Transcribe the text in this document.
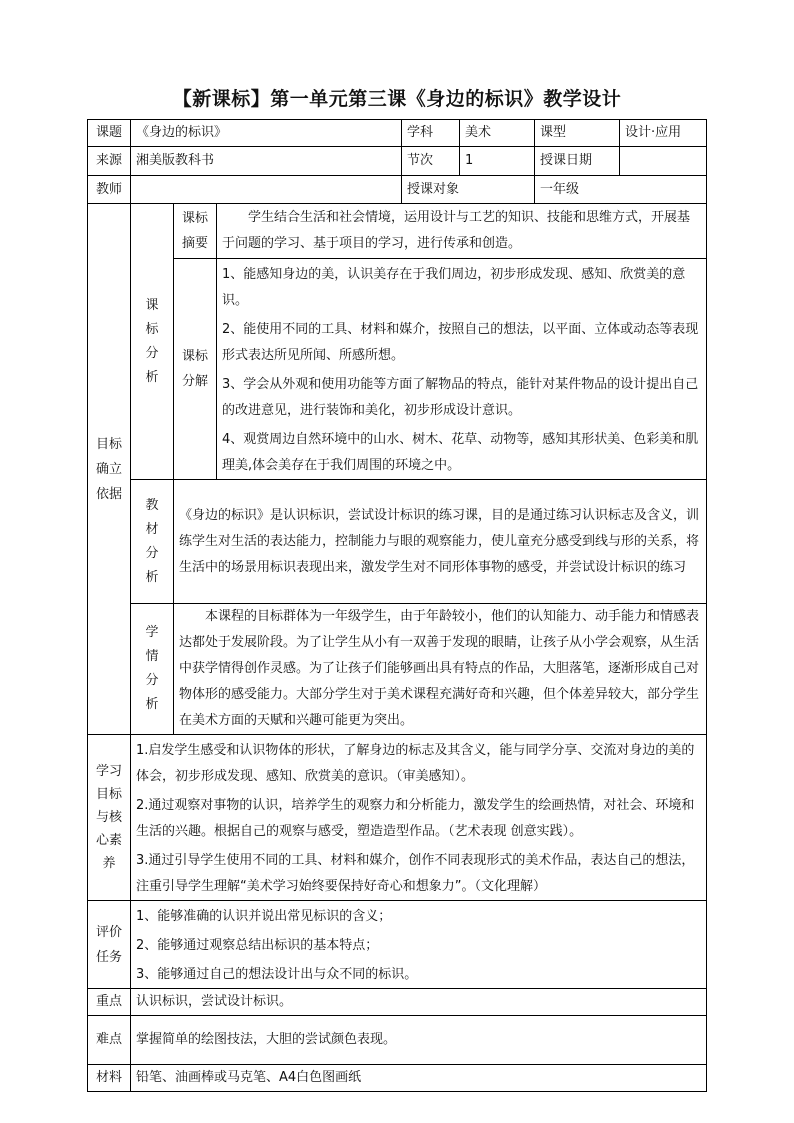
【新课标】第一单元第三课《身边的标识》教学设计
课题	《身边的标识》			学科	美术	课型	设计·应用
来源	湘美版教科书			节次	1	授课日期	
教师				授课对象		一年级	

目标确立依据	课标分析	课标摘要	学生结合生活和社会情境，运用设计与工艺的知识、技能和思维方式，开展基于问题的学习、基于项目的学习，进行传承和创造。				

		课标分解	1、能感知身边的美，认识美存在于我们周边，初步形成发现、感知、欣赏美的意识。
2、能使用不同的工具、材料和媒介，按照自己的想法，以平面、立体或动态等表现形式表达所见所闻、所感所想。
3、学会从外观和使用功能等方面了解物品的特点，能针对某件物品的设计提出自己的改进意见，进行装饰和美化，初步形成设计意识。
4、观赏周边自然环境中的山水、树木、花草、动物等，感知其形状美、色彩美和肌理美,体会美存在于我们周围的环境之中。				

	教材分析	《身边的标识》是认识标识，尝试设计标识的练习课，目的是通过练习认识标志及含义，训练学生对生活的表达能力，控制能力与眼的观察能力，使儿童充分感受到线与形的关系，将生活中的场景用标识表现出来，激发学生对不同形体事物的感受，并尝试设计标识的练习					

	学情分析	本课程的目标群体为一年级学生，由于年龄较小，他们的认知能力、动手能力和情感表达都处于发展阶段。为了让学生从小有一双善于发现的眼睛，让孩子从小学会观察，从生活中获学情得创作灵感。为了让孩子们能够画出具有特点的作品，大胆落笔，逐渐形成自己对物体形的感受能力。大部分学生对于美术课程充满好奇和兴趣，但个体差异较大，部分学生在美术方面的天赋和兴趣可能更为突出。					

学习目标与核心素养	1.启发学生感受和认识物体的形状，了解身边的标志及其含义，能与同学分享、交流对身边的美的体会，初步形成发现、感知、欣赏美的意识。（审美感知）。
2.通过观察对事物的认识，培养学生的观察力和分析能力，激发学生的绘画热情，对社会、环境和生活的兴趣。根据自己的观察与感受，塑造造型作品。（艺术表现 创意实践）。
3.通过引导学生使用不同的工具、材料和媒介，创作不同表现形式的美术作品，表达自己的想法，注重引导学生理解“美术学习始终要保持好奇心和想象力”。（文化理解）						

评价任务	1、能够准确的认识并说出常见标识的含义；
2、能够通过观察总结出标识的基本特点；
3、能够通过自己的想法设计出与众不同的标识。						

重点	认识标识，尝试设计标识。						
难点	掌握简单的绘图技法，大胆的尝试颜色表现。						
材料	铅笔、油画棒或马克笔、A4白色图画纸						
